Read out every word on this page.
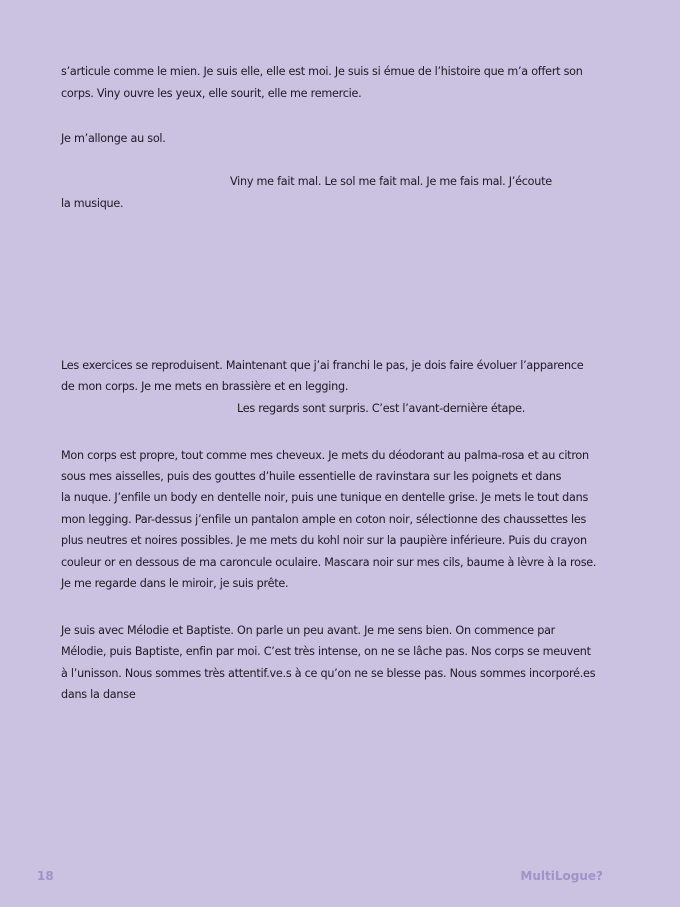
s’articule comme le mien. Je suis elle, elle est moi. Je suis si émue de l’histoire que m’a offert son

corps. Viny ouvre les yeux, elle sourit, elle me remercie.

Je m’allonge au sol.

Viny me fait mal. Le sol me fait mal. Je me fais mal. J’écoute

la musique.

Les exercices se reproduisent. Maintenant que j’ai franchi le pas, je dois faire évoluer l’apparence

de mon corps. Je me mets en brassière et en legging.

Les regards sont surpris. C’est l’avant-dernière étape.

Mon corps est propre, tout comme mes cheveux. Je mets du déodorant au palma-rosa et au citron

sous mes aisselles, puis des gouttes d’huile essentielle de ravinstara sur les poignets et dans

la nuque. J’enfile un body en dentelle noir, puis une tunique en dentelle grise. Je mets le tout dans

mon legging. Par-dessus j’enfile un pantalon ample en coton noir, sélectionne des chaussettes les

plus neutres et noires possibles. Je me mets du kohl noir sur la paupière inférieure. Puis du crayon

couleur or en dessous de ma caroncule oculaire. Mascara noir sur mes cils, baume à lèvre à la rose.

Je me regarde dans le miroir, je suis prête.

Je suis avec Mélodie et Baptiste. On parle un peu avant. Je me sens bien. On commence par

Mélodie, puis Baptiste, enfin par moi. C’est très intense, on ne se lâche pas. Nos corps se meuvent

à l’unisson. Nous sommes très attentif.ve.s à ce qu’on ne se blesse pas. Nous sommes incorporé.es

dans la danse

18	MultiLogue?
